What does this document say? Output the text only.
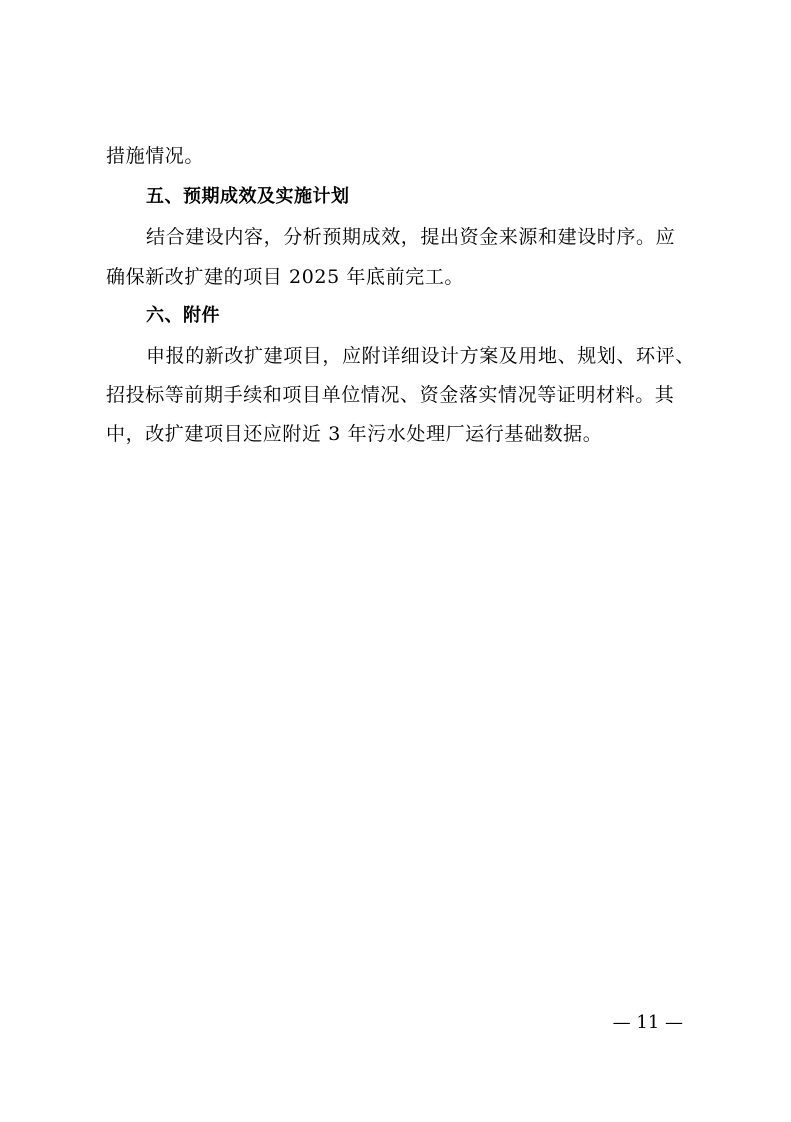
措施情况。
五、预期成效及实施计划
结合建设内容，分析预期成效，提出资金来源和建设时序。应
确保新改扩建的项目 2025 年底前完工。
六、附件
申报的新改扩建项目，应附详细设计方案及用地、规划、环评、
招投标等前期手续和项目单位情况、资金落实情况等证明材料。其
中，改扩建项目还应附近 3 年污水处理厂运行基础数据。
— 11 —
